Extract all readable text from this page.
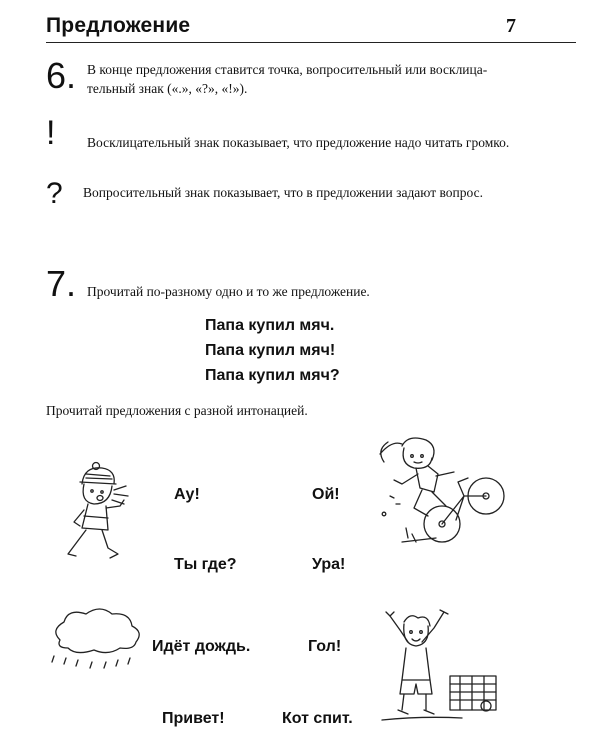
Предложение	7
6. В конце предложения ставится точка, вопросительный или восклица-
тельный знак («.», «?», «!»).
! Восклицательный знак показывает, что предложение надо читать громко.
? Вопросительный знак показывает, что в предложении задают вопрос.
7. Прочитай по-разному одно и то же предложение.
Папа купил мяч.
Папа купил мяч!
Папа купил мяч?
Прочитай предложения с разной интонацией.
Ау!	Ой!
Ты где?	Ура!
Идёт дождь.	Гол!
Привет!	Кот спит.
